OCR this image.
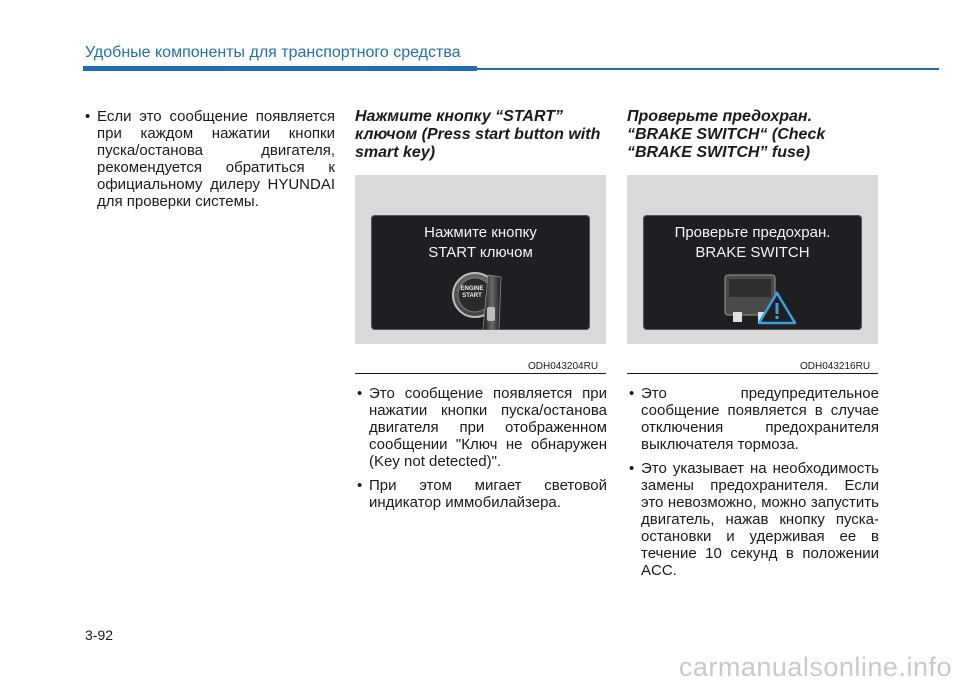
Удобные компоненты для транспортного средства
• Если это сообщение появляется при каждом нажатии кнопки пуска/останова двигателя, рекомендуется обратиться к официальному дилеру HYUNDAI для проверки системы.

Нажмите кнопку “START” ключом (Press start button with smart key)

Нажмите кнопку
START ключом
ENGINE
START
ODH043204RU
• Это сообщение появляется при нажатии кнопки пуска/останова двигателя при отображенном сообщении "Ключ не обнаружен (Key not detected)".
• При этом мигает световой индикатор иммобилайзера.

Проверьте предохран. “BRAKE SWITCH“ (Check “BRAKE SWITCH” fuse)

Проверьте предохран.
BRAKE SWITCH
ODH043216RU
• Это предупредительное сообщение появляется в случае отключения предохранителя выключателя тормоза.
• Это указывает на необходимость замены предохранителя. Если это невозможно, можно запустить двигатель, нажав кнопку пуска-остановки и удерживая ее в течение 10 секунд в положении ACC.
3-92
carmanualsonline.info
